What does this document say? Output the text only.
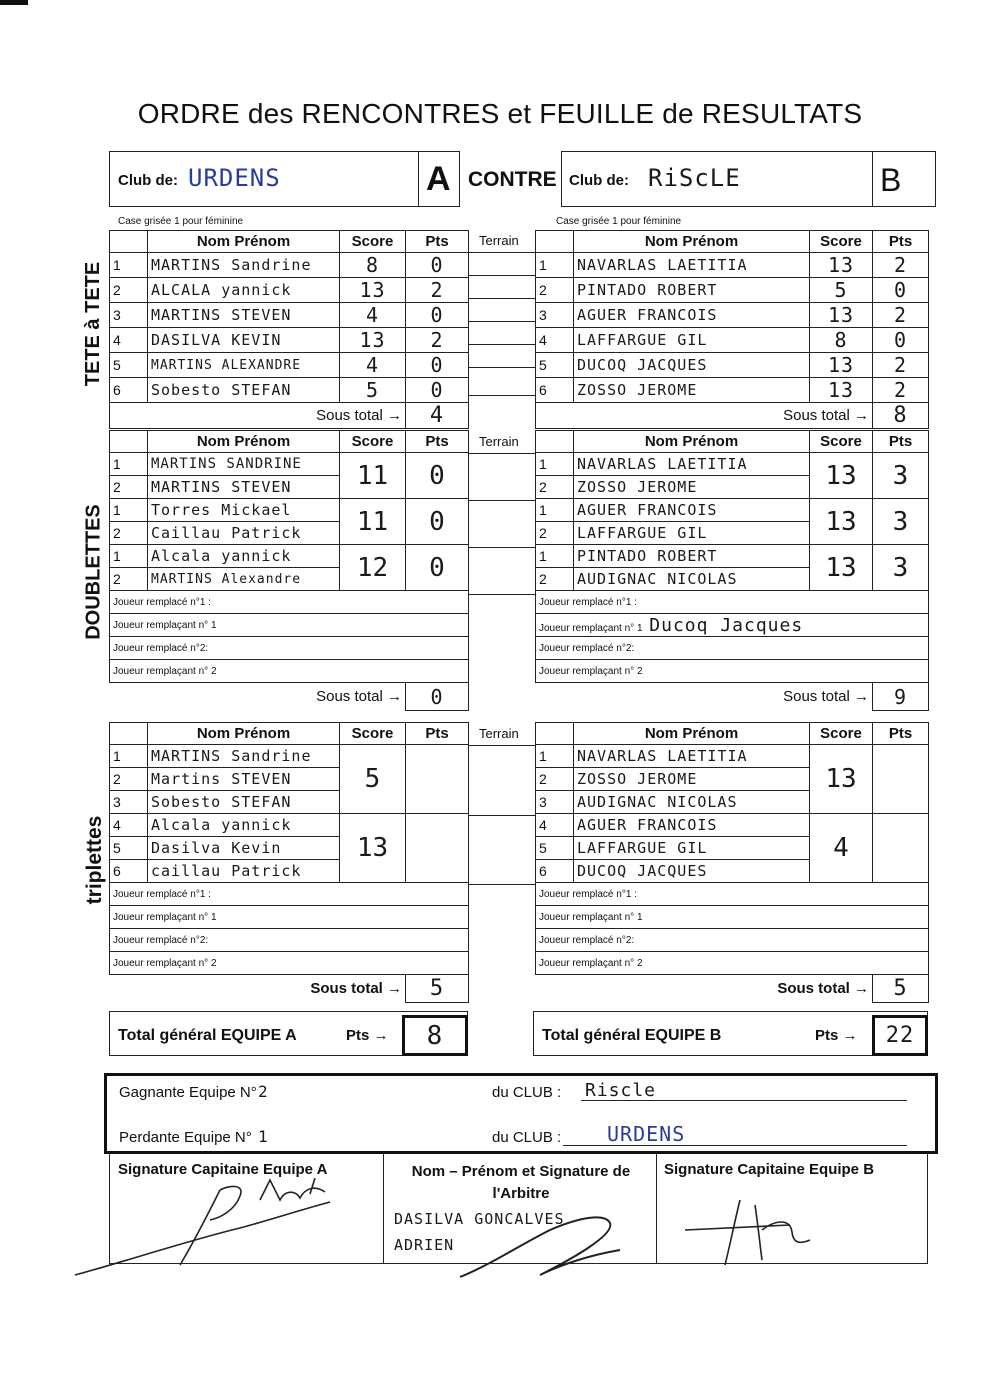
ORDRE des RENCONTRES et FEUILLE de RESULTATS
Club de: URDENS	A CONTRE Club de: RiScLE	B
Case grisée 1 pour féminine	Case grisée 1 pour féminine
TETE à TETE
DOUBLETTES
triplettes
	Nom Prénom	Score	Pts
1	MARTINS Sandrine	8	0
2	ALCALA yannick	13	2
3	MARTINS STEVEN	4	0
4	DASILVA KEVIN	13	2
5	MARTINS ALEXANDRE	4	0
6	Sobesto STEFAN	5	0
Sous total →			4
Terrain
		Nom Prénom	Score	Pts
1	NAVARLAS LAETITIA	13	2
2	PINTADO ROBERT	5	0
3	AGUER FRANCOIS	13	2
4	LAFFARGUE GIL	8	0
5	DUCOQ JACQUES	13	2
6	ZOSSO JEROME	13	2
Sous total →			8
	Nom Prénom	Score	Pts
1	MARTINS SANDRINE	11	0
2	MARTINS STEVEN		
1	Torres Mickael	11	0
2	Caillau Patrick		
1	Alcala yannick	12	0
2	MARTINS Alexandre		
Joueur remplacé n°1 :			
Joueur remplaçant n° 1			
Joueur remplacé n°2:			
Joueur remplaçant n° 2			
Sous total →			0
Terrain
		Nom Prénom	Score	Pts
1	NAVARLAS LAETITIA	13	3
2	ZOSSO JEROME		
1	AGUER FRANCOIS	13	3
2	LAFFARGUE GIL		
1	PINTADO ROBERT	13	3
2	AUDIGNAC NICOLAS		
Joueur remplacé n°1 :			
Joueur remplaçant n° 1 Ducoq Jacques			
Joueur remplacé n°2:			
Joueur remplaçant n° 2			
Sous total →			9
	Nom Prénom	Score	Pts
1	MARTINS Sandrine	5	
2	Martins STEVEN		
3	Sobesto STEFAN		
4	Alcala yannick	13	
5	Dasilva Kevin		
6	caillau Patrick		
Joueur remplacé n°1 :			
Joueur remplaçant n° 1			
Joueur remplacé n°2:			
Joueur remplaçant n° 2			
Sous total →			5
Terrain
		Nom Prénom	Score	Pts
1	NAVARLAS LAETITIA	13	
2	ZOSSO JEROME		
3	AUDIGNAC NICOLAS		
4	AGUER FRANCOIS	4	
5	LAFFARGUE GIL		
6	DUCOQ JACQUES		
Joueur remplacé n°1 :			
Joueur remplaçant n° 1			
Joueur remplacé n°2:			
Joueur remplaçant n° 2			
Sous total →			5
Total général EQUIPE A	Pts →	8	Total général EQUIPE B	Pts →	22
Gagnante Equipe N° 2	du CLUB : Riscle
Perdante Equipe N° 1	du CLUB : URDENS
Signature Capitaine Equipe A	Nom – Prénom et Signature de l'Arbitre
Signature Capitaine Equipe B
DASILVA GONCALVES
ADRIEN
